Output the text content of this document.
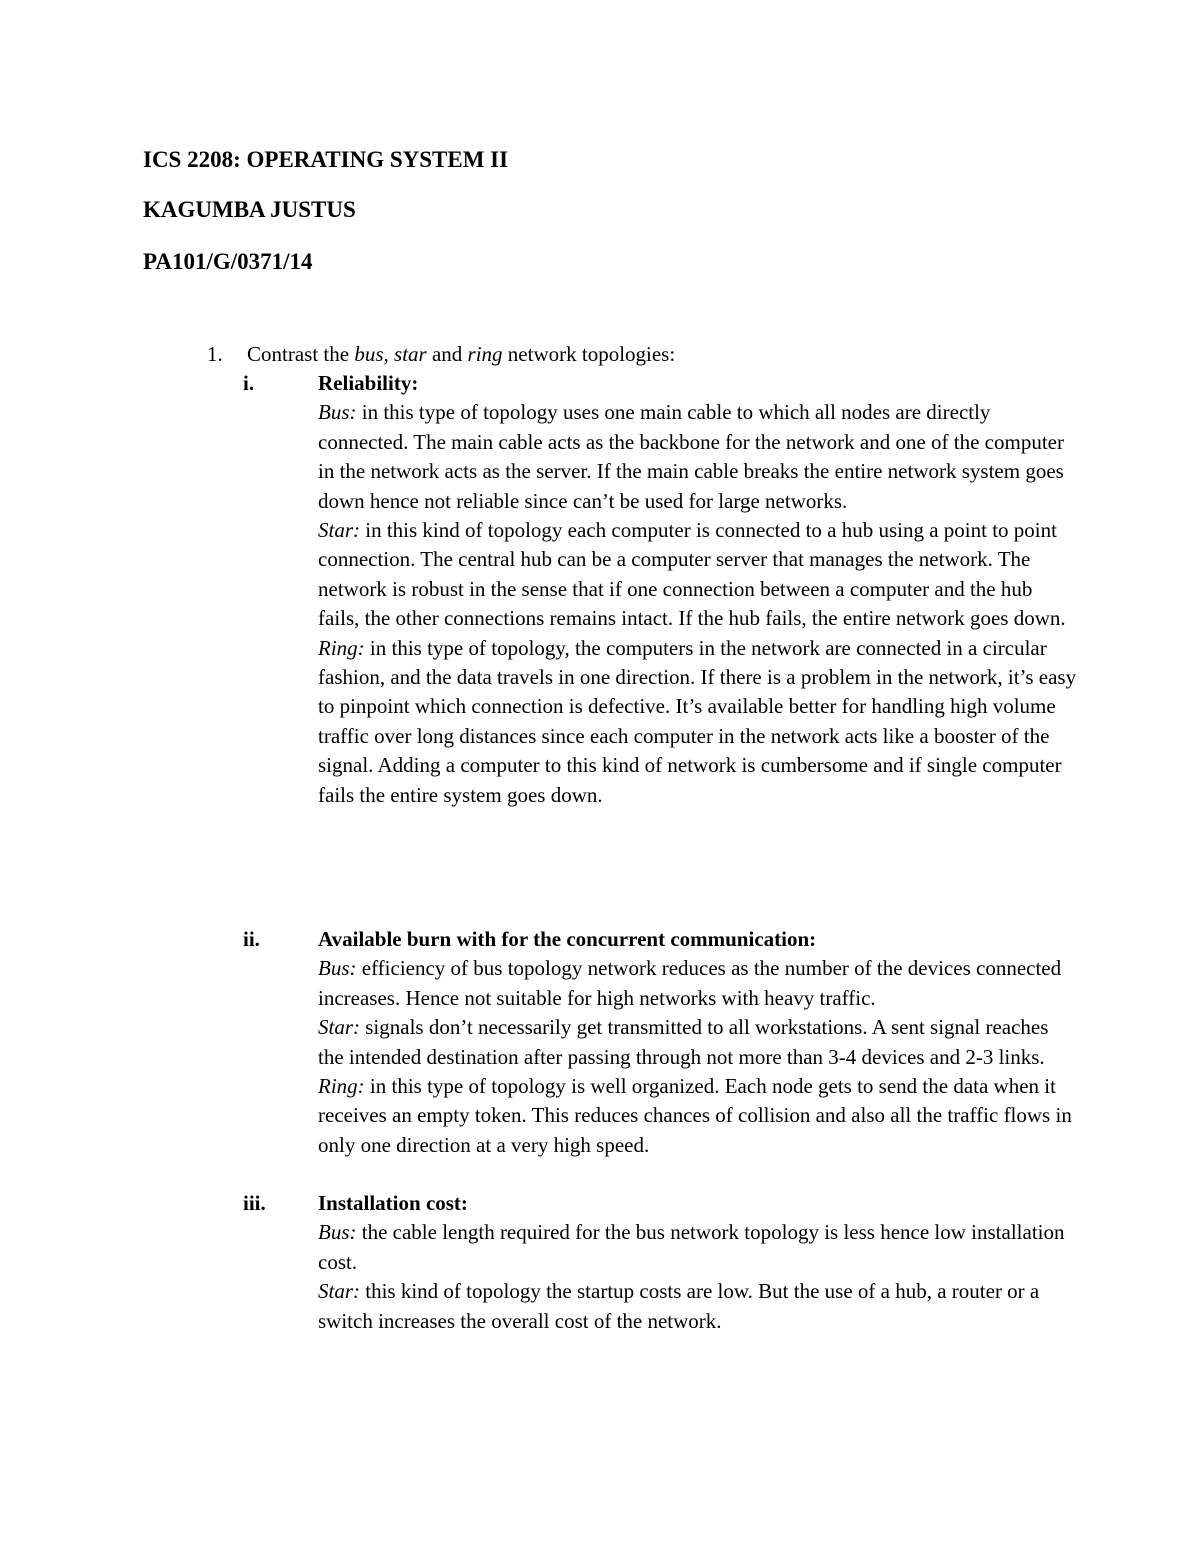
ICS 2208: OPERATING SYSTEM II
KAGUMBA JUSTUS
PA101/G/0371/14
1. Contrast the bus, star and ring network topologies:
i.	Reliability:

Bus: in this type of topology uses one main cable to which all nodes are directly connected. The main cable acts as the backbone for the network and one of the computer in the network acts as the server. If the main cable breaks the entire network system goes down hence not reliable since can’t be used for large networks.

Star: in this kind of topology each computer is connected to a hub using a point to point connection. The central hub can be a computer server that manages the network. The network is robust in the sense that if one connection between a computer and the hub fails, the other connections remains intact. If the hub fails, the entire network goes down.

Ring: in this type of topology, the computers in the network are connected in a circular fashion, and the data travels in one direction. If there is a problem in the network, it’s easy to pinpoint which connection is defective. It’s available better for handling high volume traffic over long distances since each computer in the network acts like a booster of the signal. Adding a computer to this kind of network is cumbersome and if single computer fails the entire system goes down.

ii.	Available burn with for the concurrent communication:

Bus: efficiency of bus topology network reduces as the number of the devices connected increases. Hence not suitable for high networks with heavy traffic.

Star: signals don’t necessarily get transmitted to all workstations. A sent signal reaches the intended destination after passing through not more than 3-4 devices and 2-3 links.

Ring: in this type of topology is well organized. Each node gets to send the data when it receives an empty token. This reduces chances of collision and also all the traffic flows in only one direction at a very high speed.

iii. Installation cost:

Bus: the cable length required for the bus network topology is less hence low installation cost.

Star: this kind of topology the startup costs are low. But the use of a hub, a router or a switch increases the overall cost of the network.
